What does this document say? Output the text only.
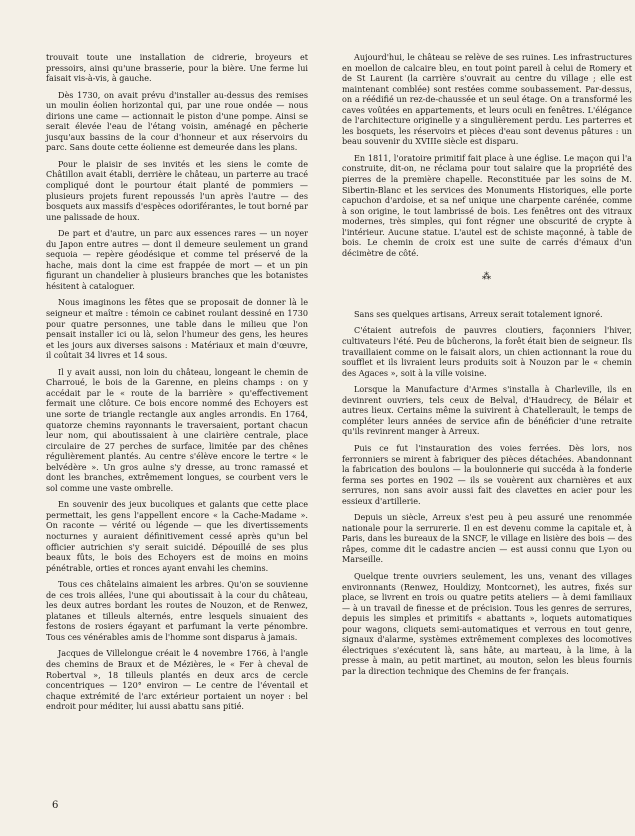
trouvait toute une installation de cidrerie, broyeurs et pressoirs, ainsi qu'une brasserie, pour la bière. Une ferme lui faisait vis-à-vis, à gauche.

Dès 1730, on avait prévu d'installer au-dessus des remises un moulin éolien horizontal qui, par une roue ondée — nous dirions une came — actionnait le piston d'une pompe. Ainsi se serait élevée l'eau de l'étang voisin, aménagé en pêcherie jusqu'aux bassins de la cour d'honneur et aux réservoirs du parc. Sans doute cette éolienne est demeurée dans les plans.

Pour le plaisir de ses invités et les siens le comte de Châtillon avait établi, derrière le château, un parterre au tracé compliqué dont le pourtour était planté de pommiers — plusieurs projets furent repoussés l'un après l'autre — des bosquets aux massifs d'espèces odoriférantes, le tout borné par une palissade de houx.

De part et d'autre, un parc aux essences rares — un noyer du Japon entre autres — dont il demeure seulement un grand sequoia — repère géodésique et comme tel préservé de la hache, mais dont la cime est frappée de mort — et un pin figurant un chandelier à plusieurs branches que les botanistes hésitent à cataloguer.

Nous imaginons les fêtes que se proposait de donner là le seigneur et maître : témoin ce cabinet roulant dessiné en 1730 pour quatre personnes, une table dans le milieu que l'on pensait installer ici ou là, selon l'humeur des gens, les heures et les jours aux diverses saisons : Matériaux et main d'œuvre, il coûtait 34 livres et 14 sous.

Il y avait aussi, non loin du château, longeant le chemin de Charroué, le bois de la Garenne, en pleins champs : on y accédait par le « route de la barrière » qu'effectivement fermait une clôture. Ce bois encore nommé des Echoyers est une sorte de triangle rectangle aux angles arrondis. En 1764, quatorze chemins rayonnants le traversaient, portant chacun leur nom, qui aboutissaient à une clairière centrale, place circulaire de 27 perches de surface, limitée par des chênes régulièrement plantés. Au centre s'élève encore le tertre « le belvédère ». Un gros aulne s'y dresse, au tronc ramassé et dont les branches, extrêmement longues, se courbent vers le sol comme une vaste ombrelle.

En souvenir des jeux bucoliques et galants que cette place permettait, les gens l'appellent encore « la Cache-Madame ». On raconte — vérité ou légende — que les divertissements nocturnes y auraient définitivement cessé après qu'un bel officier autrichien s'y serait suicidé. Dépouillé de ses plus beaux fûts, le bois des Echoyers est de moins en moins pénétrable, orties et ronces ayant envahi les chemins.

Tous ces châtelains aimaient les arbres. Qu'on se souvienne de ces trois allées, l'une qui aboutissait à la cour du château, les deux autres bordant les routes de Nouzon, et de Renwez, platanes et tilleuls alternés, entre lesquels sinuaient des festons de rosiers égayant et parfumant la verte pénombre. Tous ces vénérables amis de l'homme sont disparus à jamais.

Jacques de Villelongue créait le 4 novembre 1766, à l'angle des chemins de Braux et de Mézières, le « Fer à cheval de Robertval », 18 tilleuls plantés en deux arcs de cercle concentriques — 120° environ — Le centre de l'éventail et chaque extrémité de l'arc extérieur portaient un noyer : bel endroit pour méditer, lui aussi abattu sans pitié.

Aujourd'hui, le château se relève de ses ruines. Les infrastructures en moellon de calcaire bleu, en tout point pareil à celui de Romery et de St Laurent (la carrière s'ouvrait au centre du village ; elle est maintenant comblée) sont restées comme soubassement. Par-dessus, on a réédifié un rez-de-chaussée et un seul étage. On a transformé les caves voûtées en appartements, et leurs oculi en fenêtres. L'élégance de l'architecture originelle y a singulièrement perdu. Les parterres et les bosquets, les réservoirs et pièces d'eau sont devenus pâtures : un beau souvenir du XVIIIe siècle est disparu.

En 1811, l'oratoire primitif fait place à une église. Le maçon qui l'a construite, dit-on, ne réclama pour tout salaire que la propriété des pierres de la première chapelle. Reconstituée par les soins de M. Sibertin-Blanc et les services des Monuments Historiques, elle porte capuchon d'ardoise, et sa nef unique une charpente carénée, comme à son origine, le tout lambrissé de bois. Les fenêtres ont des vitraux modernes, très simples, qui font régner une obscurité de crypte à l'intérieur. Aucune statue. L'autel est de schiste maçonné, à table de bois. Le chemin de croix est une suite de carrés d'émaux d'un décimètre de côté.

⁂

Sans ses quelques artisans, Arreux serait totalement ignoré.

C'étaient autrefois de pauvres cloutiers, façonniers l'hiver, cultivateurs l'été. Peu de bûcherons, la forêt était bien de seigneur. Ils travaillaient comme on le faisait alors, un chien actionnant la roue du soufflet et ils livraient leurs produits soit à Nouzon par le « chemin des Agaces », soit à la ville voisine.

Lorsque la Manufacture d'Armes s'installa à Charleville, ils en devinrent ouvriers, tels ceux de Belval, d'Haudrecy, de Bélair et autres lieux. Certains même la suivirent à Chatellerault, le temps de compléter leurs années de service afin de bénéficier d'une retraite qu'ils revinrent manger à Arreux.

Puis ce fut l'instauration des voies ferrées. Dès lors, nos ferronniers se mirent à fabriquer des pièces détachées. Abandonnant la fabrication des boulons — la boulonnerie qui succéda à la fonderie ferma ses portes en 1902 — ils se vouèrent aux charnières et aux serrures, non sans avoir aussi fait des clavettes en acier pour les essieux d'artillerie.

Depuis un siècle, Arreux s'est peu à peu assuré une renommée nationale pour la serrurerie. Il en est devenu comme la capitale et, à Paris, dans les bureaux de la SNCF, le village en lisière des bois — des râpes, comme dit le cadastre ancien — est aussi connu que Lyon ou Marseille.

Quelque trente ouvriers seulement, les uns, venant des villages environnants (Renwez, Houldizy, Montcornet), les autres, fixés sur place, se livrent en trois ou quatre petits ateliers — à demi familiaux — à un travail de finesse et de précision. Tous les genres de serrures, depuis les simples et primitifs « abattants », loquets automatiques pour wagons, cliquets semi-automatiques et verrous en tout genre, signaux d'alarme, systèmes extrêmement complexes des locomotives électriques s'exécutent là, sans hâte, au marteau, à la lime, à la presse à main, au petit martinet, au mouton, selon les bleus fournis par la direction technique des Chemins de fer français.

6
